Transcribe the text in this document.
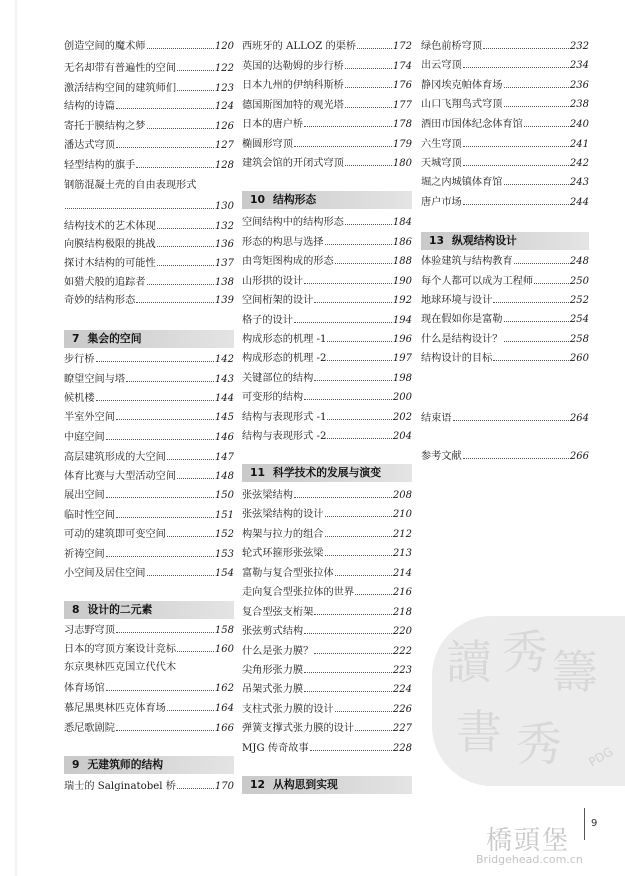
讀 秀 籌
書 秀 PDG
创造空间的魔术师	120
无名却带有普遍性的空间	122
激活结构空间的建筑师们	123
结构的诗篇	124
寄托于膜结构之梦	126
潘达式穹顶	127
轻型结构的旗手	128
钢筋混凝土壳的自由表现形式
130
结构技术的艺术体现	132
向膜结构极限的挑战	136
探讨木结构的可能性	137
如猎犬般的追踪者	138
奇妙的结构形态	139
7 集会的空间
步行桥	142
瞭望空间与塔	143
候机楼	144
半室外空间	145
中庭空间	146
高层建筑形成的大空间	147
体育比赛与大型活动空间	148
展出空间	150
临时性空间	151
可动的建筑即可变空间	152
祈祷空间	153
小空间及居住空间	154
8 设计的二元素
习志野穹顶	158
日本的穹顶方案设计竞标	160
东京奥林匹克国立代代木
体育场馆	162
慕尼黑奥林匹克体育场	164
悉尼歌剧院	166
9 无建筑师的结构
瑞士的 Salginatobel 桥	170
西班牙的 ALLOZ 的渠桥	172
英国的达勒姆的步行桥	174
日本九州的伊纳科斯桥	176
德国斯图加特的观光塔	177
日本的唐户桥	178
椭圆形穹顶	179
建筑会馆的开闭式穹顶	180
10 结构形态
空间结构中的结构形态	184
形态的构思与选择	186
由弯矩图构成的形态	188
山形拱的设计	190
空间桁架的设计	192
格子的设计	194
构成形态的机理 -1	196
构成形态的机理 -2	197
关键部位的结构	198
可变形的结构	200
结构与表现形式 -1	202
结构与表现形式 -2	204
11 科学技术的发展与演变
张弦梁结构	208
张弦梁结构的设计	210
构架与拉力的组合	212
轮式环箍形张弦梁	213
富勒与复合型张拉体	214
走向复合型张拉体的世界	216
复合型弦支桁架	218
张弦剪式结构	220
什么是张力膜？	222
尖角形张力膜	223
吊架式张力膜	224
支柱式张力膜的设计	226
弹簧支撑式张力膜的设计	227
MJG 传奇故事	228
12 从构思到实现
绿色前桥穹顶	232
出云穹顶	234
静冈埃克帕体育场	236
山口飞翔鸟式穹顶	238
酒田市国体纪念体育馆	240
六生穹顶	241
天城穹顶	242
堀之内城镇体育馆	243
唐户市场	244
13 纵观结构设计
体验建筑与结构教育	248
每个人都可以成为工程师	250
地球环境与设计	252
现在假如你是富勒	254
什么是结构设计？	258
结构设计的目标	260
结束语	264
参考文献	266
9
橋頭堡
Bridgehead.com.cn
